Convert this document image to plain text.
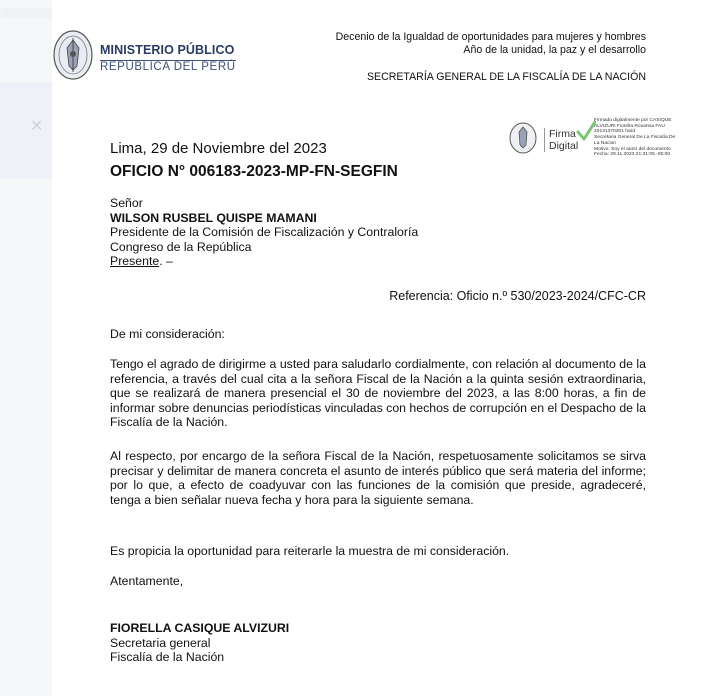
✕
MINISTERIO PÚBLICO
REPÚBLICA DEL PERÚ
Decenio de la Igualdad de oportunidades para mujeres y hombres
Año de la unidad, la paz y el desarrollo
SECRETARÍA GENERAL DE LA FISCALÍA DE LA NACIÓN
Firma
Digital
Firmado digitalmente por CASIQUE
ALVIZURI Fiorella Roxanna FAU
20131370301 hard
Secretaria General De La Fiscalía De
La Nacion
Motivo: Soy el autor del documento
Fecha: 29.11.2023 21:31:05 -05:00
Lima, 29 de Noviembre del 2023
OFICIO N° 006183-2023-MP-FN-SEGFIN
Señor
WILSON RUSBEL QUISPE MAMANI
Presidente de la Comisión de Fiscalización y Contraloría
Congreso de la República
Presente. –
Referencia: Oficio n.º 530/2023-2024/CFC-CR
De mi consideración:
Tengo el agrado de dirigirme a usted para saludarlo cordialmente, con relación al documento de la referencia, a través del cual cita a la señora Fiscal de la Nación a la quinta sesión extraordinaria, que se realizará de manera presencial el 30 de noviembre del 2023, a las 8:00 horas, a fin de informar sobre denuncias periodísticas vinculadas con hechos de corrupción en el Despacho de la Fiscalía de la Nación.
Al respecto, por encargo de la señora Fiscal de la Nación, respetuosamente solicitamos se sirva precisar y delimitar de manera concreta el asunto de interés público que será materia del informe; por lo que, a efecto de coadyuvar con las funciones de la comisión que preside, agradeceré, tenga a bien señalar nueva fecha y hora para la siguiente semana.
Es propicia la oportunidad para reiterarle la muestra de mi consideración.
Atentamente,
FIORELLA CASIQUE ALVIZURI
Secretaria general
Fiscalía de la Nación
